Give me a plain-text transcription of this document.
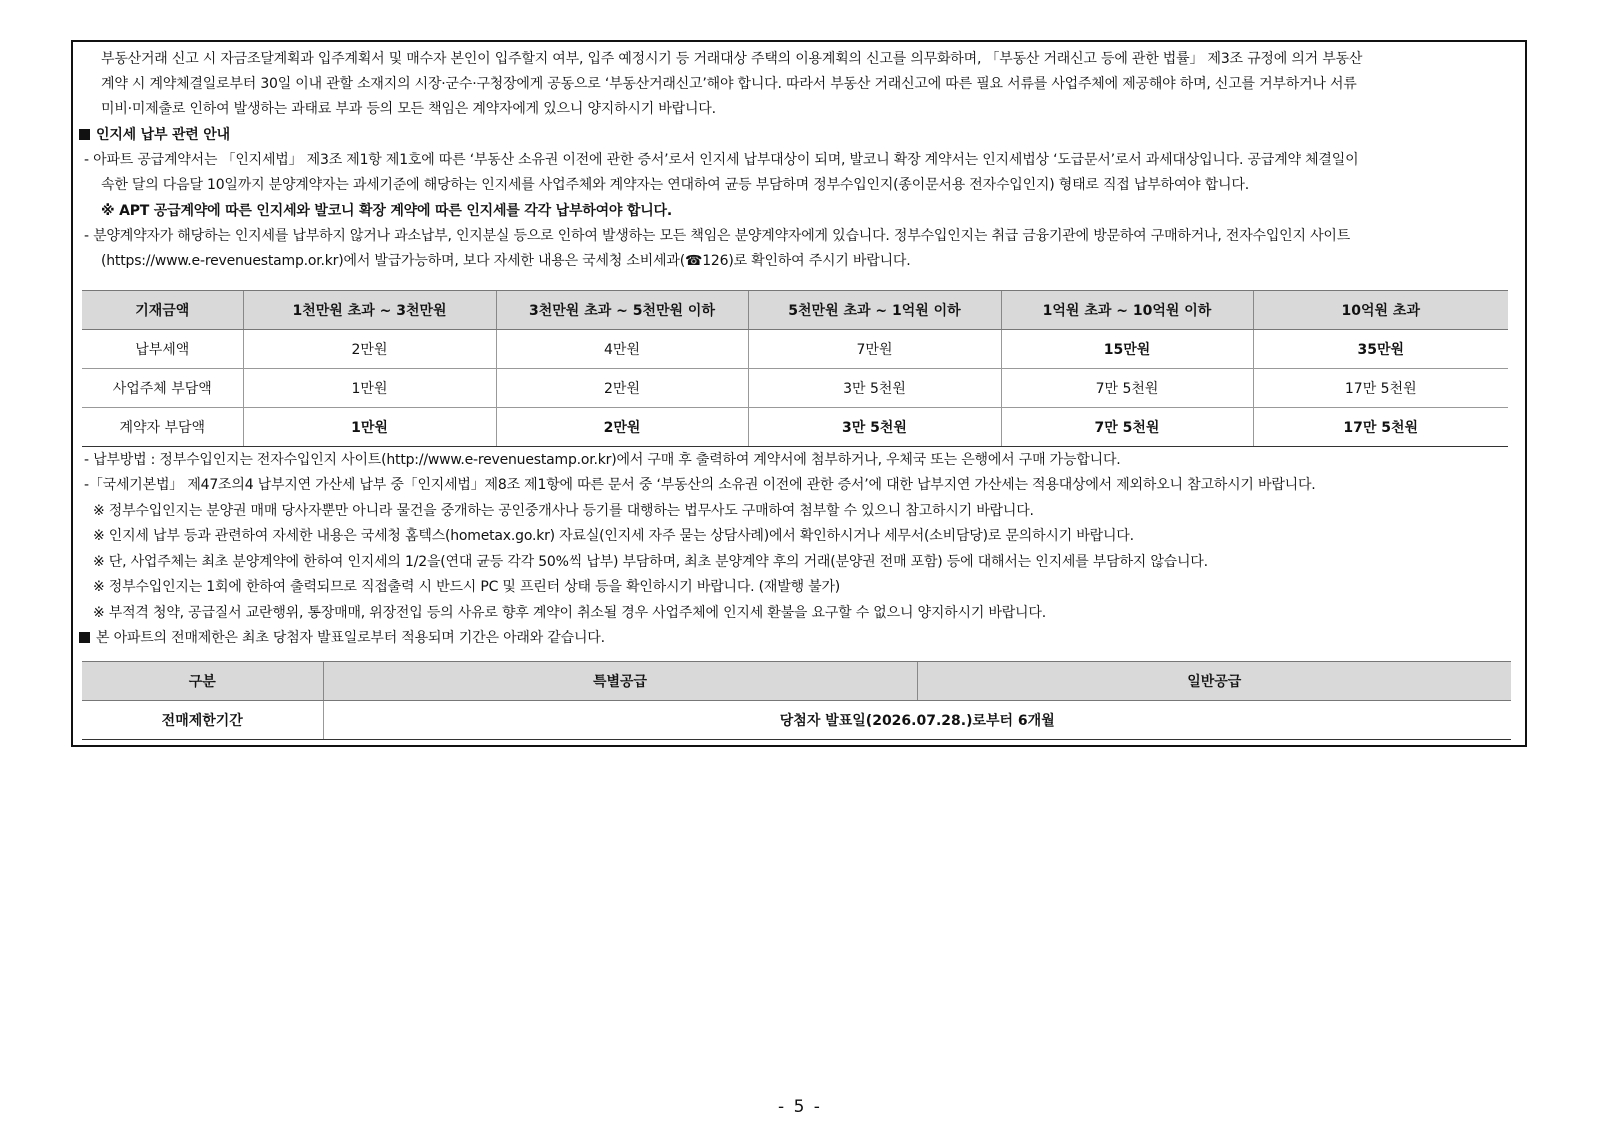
부동산거래 신고 시 자금조달계획과 입주계획서 및 매수자 본인이 입주할지 여부, 입주 예정시기 등 거래대상 주택의 이용계획의 신고를 의무화하며, 「부동산 거래신고 등에 관한 법률」 제3조 규정에 의거 부동산
계약 시 계약체결일로부터 30일 이내 관할 소재지의 시장·군수·구청장에게 공동으로 ‘부동산거래신고’해야 합니다. 따라서 부동산 거래신고에 따른 필요 서류를 사업주체에 제공해야 하며, 신고를 거부하거나 서류
미비·미제출로 인하여 발생하는 과태료 부과 등의 모든 책임은 계약자에게 있으니 양지하시기 바랍니다.
인지세 납부 관련 안내
- 아파트 공급계약서는 「인지세법」 제3조 제1항 제1호에 따른 ‘부동산 소유권 이전에 관한 증서’로서 인지세 납부대상이 되며, 발코니 확장 계약서는 인지세법상 ‘도급문서’로서 과세대상입니다. 공급계약 체결일이
속한 달의 다음달 10일까지 분양계약자는 과세기준에 해당하는 인지세를 사업주체와 계약자는 연대하여 균등 부담하며 정부수입인지(종이문서용 전자수입인지) 형태로 직접 납부하여야 합니다.
※ APT 공급계약에 따른 인지세와 발코니 확장 계약에 따른 인지세를 각각 납부하여야 합니다.
- 분양계약자가 해당하는 인지세를 납부하지 않거나 과소납부, 인지분실 등으로 인하여 발생하는 모든 책임은 분양계약자에게 있습니다. 정부수입인지는 취급 금융기관에 방문하여 구매하거나, 전자수입인지 사이트
(https://www.e-revenuestamp.or.kr)에서 발급가능하며, 보다 자세한 내용은 국세청 소비세과(☎126)로 확인하여 주시기 바랍니다.
기재금액	1천만원 초과 ~ 3천만원	3천만원 초과 ~ 5천만원 이하	5천만원 초과 ~ 1억원 이하	1억원 초과 ~ 10억원 이하	10억원 초과
납부세액	2만원	4만원	7만원	15만원	35만원
사업주체 부담액	1만원	2만원	3만 5천원	7만 5천원	17만 5천원
계약자 부담액	1만원	2만원	3만 5천원	7만 5천원	17만 5천원
- 납부방법 : 정부수입인지는 전자수입인지 사이트(http://www.e-revenuestamp.or.kr)에서 구매 후 출력하여 계약서에 첨부하거나, 우체국 또는 은행에서 구매 가능합니다.
-「국세기본법」 제47조의4 납부지연 가산세 납부 중「인지세법」제8조 제1항에 따른 문서 중 ‘부동산의 소유권 이전에 관한 증서’에 대한 납부지연 가산세는 적용대상에서 제외하오니 참고하시기 바랍니다.
※ 정부수입인지는 분양권 매매 당사자뿐만 아니라 물건을 중개하는 공인중개사나 등기를 대행하는 법무사도 구매하여 첨부할 수 있으니 참고하시기 바랍니다.
※ 인지세 납부 등과 관련하여 자세한 내용은 국세청 홈텍스(hometax.go.kr) 자료실(인지세 자주 묻는 상담사례)에서 확인하시거나 세무서(소비담당)로 문의하시기 바랍니다.
※ 단, 사업주체는 최초 분양계약에 한하여 인지세의 1/2을(연대 균등 각각 50%씩 납부) 부담하며, 최초 분양계약 후의 거래(분양권 전매 포함) 등에 대해서는 인지세를 부담하지 않습니다.
※ 정부수입인지는 1회에 한하여 출력되므로 직접출력 시 반드시 PC 및 프린터 상태 등을 확인하시기 바랍니다. (재발행 불가)
※ 부적격 청약, 공급질서 교란행위, 통장매매, 위장전입 등의 사유로 향후 계약이 취소될 경우 사업주체에 인지세 환불을 요구할 수 없으니 양지하시기 바랍니다.
본 아파트의 전매제한은 최초 당첨자 발표일로부터 적용되며 기간은 아래와 같습니다.
구분	특별공급	일반공급
전매제한기간	당첨자 발표일(2026.07.28.)로부터 6개월	
- 5 -
